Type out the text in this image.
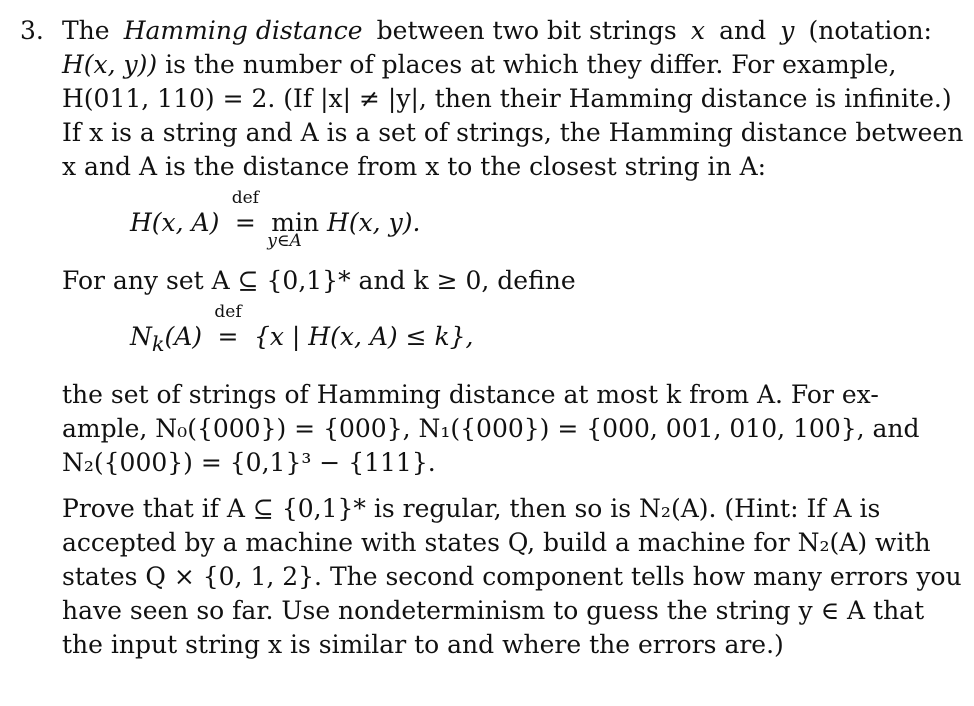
3. The Hamming distance between two bit strings x and y (notation:
H(x, y)) is the number of places at which they differ. For example,
H(011, 110) = 2. (If |x| ≠ |y|, then their Hamming distance is infinite.)
If x is a string and A is a set of strings, the Hamming distance between
x and A is the distance from x to the closest string in A:
H(x, A)
def
= min
y∈A
H(x, y).
For any set A ⊆ {0,1}* and k ≥ 0, define
$N_k(A)$
def
= {x | H(x, A) ≤ k},
the set of strings of Hamming distance at most k from A. For ex-
ample, N₀({000}) = {000}, N₁({000}) = {000, 001, 010, 100}, and
N₂({000}) = {0,1}³ − {111}.
Prove that if A ⊆ {0,1}* is regular, then so is N₂(A). (Hint: If A is
accepted by a machine with states Q, build a machine for N₂(A) with
states Q × {0, 1, 2}. The second component tells how many errors you
have seen so far. Use nondeterminism to guess the string y ∈ A that
the input string x is similar to and where the errors are.)
